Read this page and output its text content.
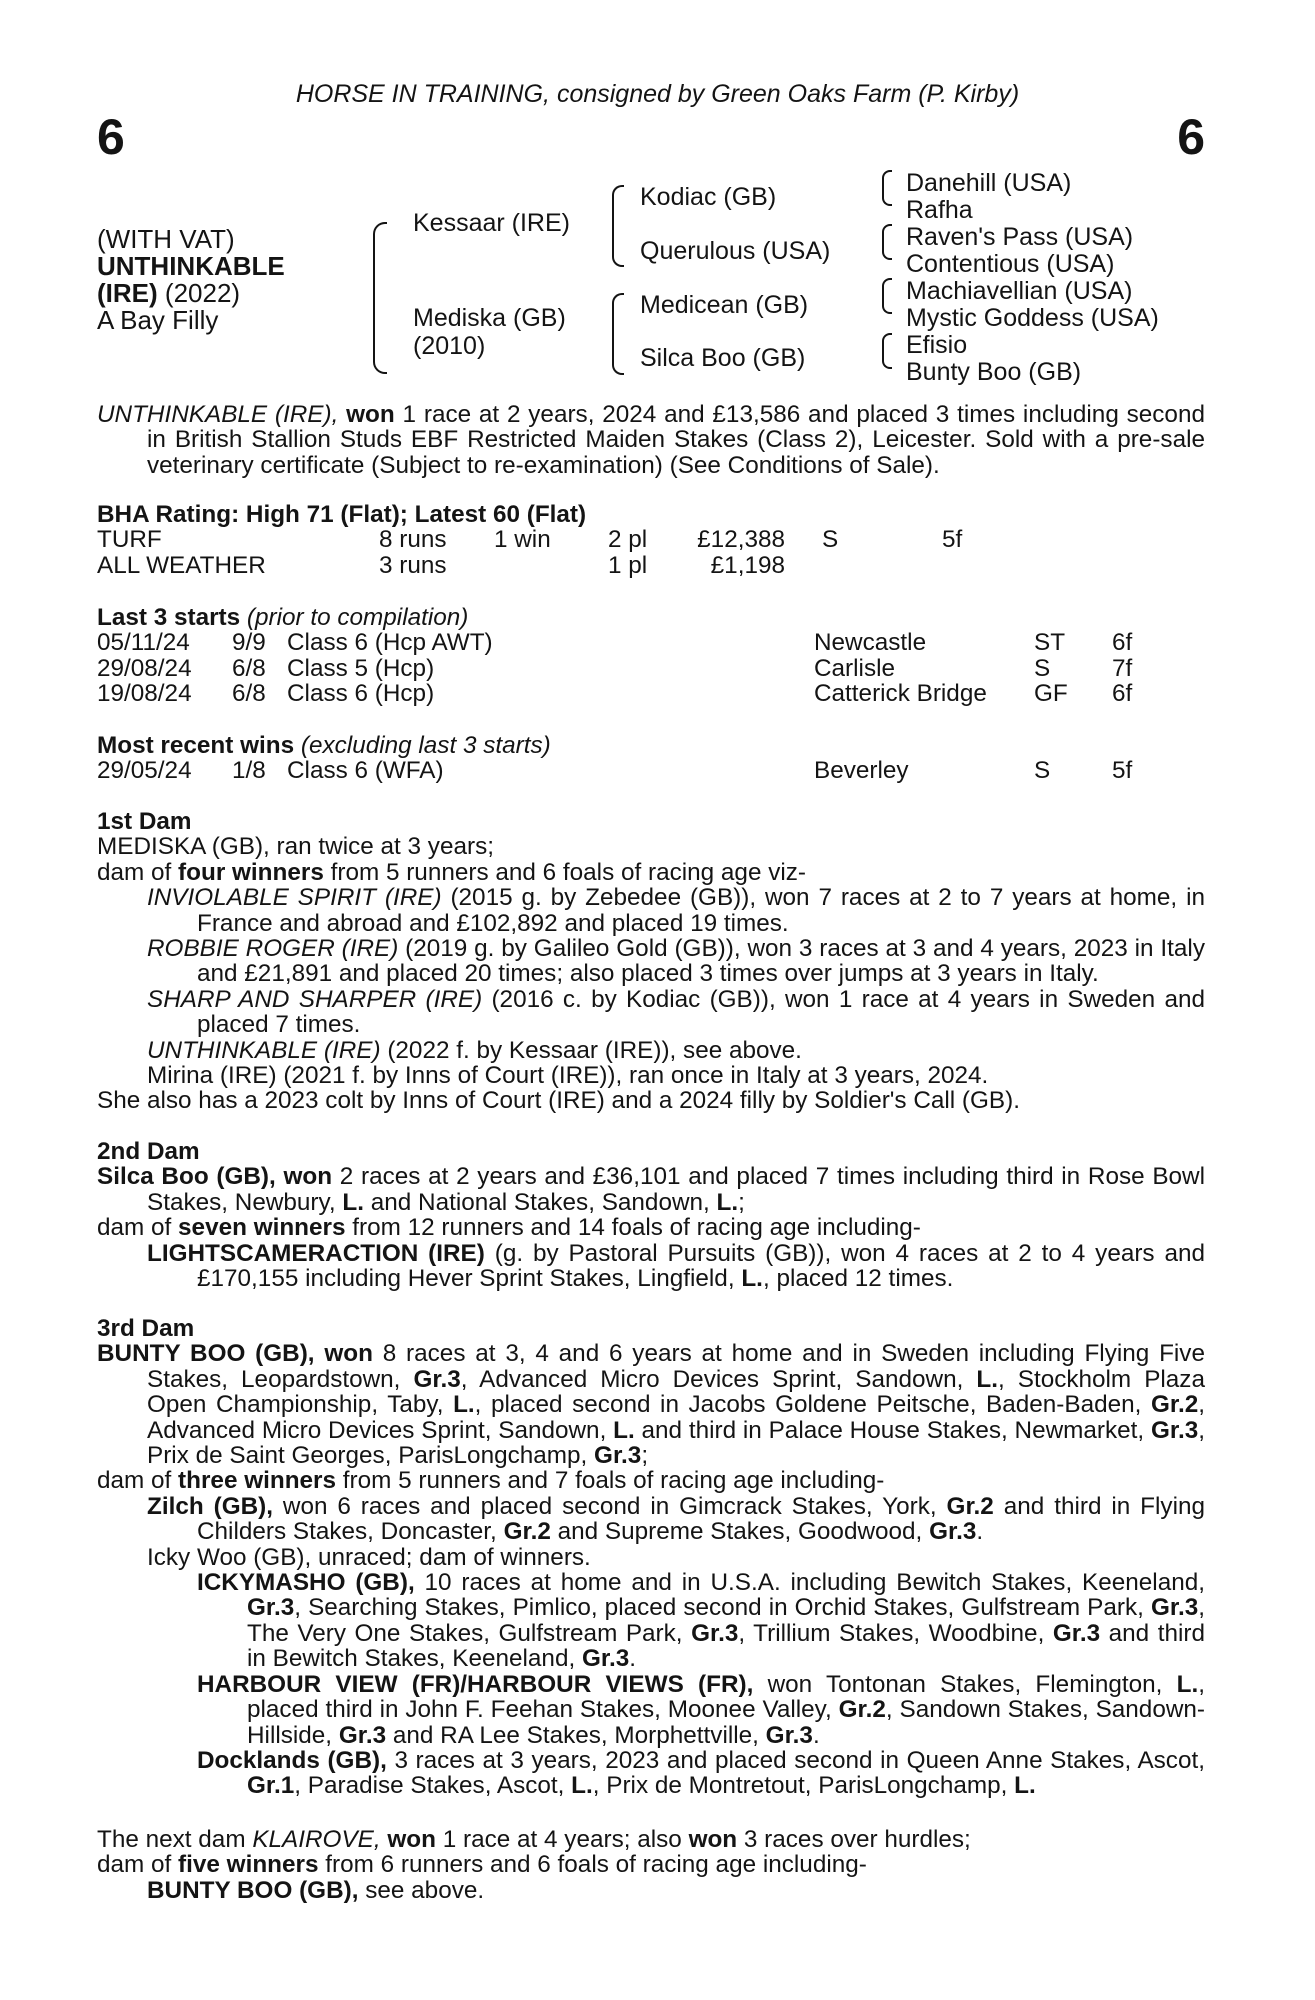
HORSE IN TRAINING, consigned by Green Oaks Farm (P. Kirby)
6	6
(WITH VAT)
UNTHINKABLE
(IRE) (2022)
A Bay Filly
Kessaar (IRE)
Mediska (GB)
(2010)
Kodiac (GB)
Querulous (USA)
Medicean (GB)
Silca Boo (GB)
Danehill (USA)
Rafha
Raven's Pass (USA)
Contentious (USA)
Machiavellian (USA)
Mystic Goddess (USA)
Efisio
Bunty Boo (GB)

UNTHINKABLE (IRE), won 1 race at 2 years, 2024 and £13,586 and placed 3 times including second in British Stallion Studs EBF Restricted Maiden Stakes (Class 2), Leicester. Sold with a pre-sale veterinary certificate (Subject to re-examination) (See Conditions of Sale).

BHA Rating: High 71 (Flat); Latest 60 (Flat)

TURF	8 runs	1 win	2 pl	£12,388	S	5f
ALL WEATHER	3 runs		1 pl	£1,198		

Last 3 starts (prior to compilation)

05/11/24	9/9	Class 6 (Hcp AWT)	Newcastle	ST	6f
29/08/24	6/8	Class 5 (Hcp)	Carlisle	S	7f
19/08/24	6/8	Class 6 (Hcp)	Catterick Bridge	GF	6f

Most recent wins (excluding last 3 starts)

29/05/24	1/8	Class 6 (WFA)	Beverley	S	5f

1st Dam

MEDISKA (GB), ran twice at 3 years;

dam of four winners from 5 runners and 6 foals of racing age viz-

INVIOLABLE SPIRIT (IRE) (2015 g. by Zebedee (GB)), won 7 races at 2 to 7 years at home, in France and abroad and £102,892 and placed 19 times.

ROBBIE ROGER (IRE) (2019 g. by Galileo Gold (GB)), won 3 races at 3 and 4 years, 2023 in Italy and £21,891 and placed 20 times; also placed 3 times over jumps at 3 years in Italy.

SHARP AND SHARPER (IRE) (2016 c. by Kodiac (GB)), won 1 race at 4 years in Sweden and placed 7 times.

UNTHINKABLE (IRE) (2022 f. by Kessaar (IRE)), see above.

Mirina (IRE) (2021 f. by Inns of Court (IRE)), ran once in Italy at 3 years, 2024.

She also has a 2023 colt by Inns of Court (IRE) and a 2024 filly by Soldier's Call (GB).

2nd Dam

Silca Boo (GB), won 2 races at 2 years and £36,101 and placed 7 times including third in Rose Bowl Stakes, Newbury, L. and National Stakes, Sandown, L.;

dam of seven winners from 12 runners and 14 foals of racing age including-

LIGHTSCAMERACTION (IRE) (g. by Pastoral Pursuits (GB)), won 4 races at 2 to 4 years and £170,155 including Hever Sprint Stakes, Lingfield, L., placed 12 times.

3rd Dam

BUNTY BOO (GB), won 8 races at 3, 4 and 6 years at home and in Sweden including Flying Five Stakes, Leopardstown, Gr.3, Advanced Micro Devices Sprint, Sandown, L., Stockholm Plaza Open Championship, Taby, L., placed second in Jacobs Goldene Peitsche, Baden-Baden, Gr.2, Advanced Micro Devices Sprint, Sandown, L. and third in Palace House Stakes, Newmarket, Gr.3, Prix de Saint Georges, ParisLongchamp, Gr.3;

dam of three winners from 5 runners and 7 foals of racing age including-

Zilch (GB), won 6 races and placed second in Gimcrack Stakes, York, Gr.2 and third in Flying Childers Stakes, Doncaster, Gr.2 and Supreme Stakes, Goodwood, Gr.3.

Icky Woo (GB), unraced; dam of winners.

ICKYMASHO (GB), 10 races at home and in U.S.A. including Bewitch Stakes, Keeneland, Gr.3, Searching Stakes, Pimlico, placed second in Orchid Stakes, Gulfstream Park, Gr.3, The Very One Stakes, Gulfstream Park, Gr.3, Trillium Stakes, Woodbine, Gr.3 and third in Bewitch Stakes, Keeneland, Gr.3.

HARBOUR VIEW (FR)/HARBOUR VIEWS (FR), won Tontonan Stakes, Flemington, L., placed third in John F. Feehan Stakes, Moonee Valley, Gr.2, Sandown Stakes, Sandown-Hillside, Gr.3 and RA Lee Stakes, Morphettville, Gr.3.

Docklands (GB), 3 races at 3 years, 2023 and placed second in Queen Anne Stakes, Ascot, Gr.1, Paradise Stakes, Ascot, L., Prix de Montretout, ParisLongchamp, L.

The next dam KLAIROVE, won 1 race at 4 years; also won 3 races over hurdles;

dam of five winners from 6 runners and 6 foals of racing age including-

BUNTY BOO (GB), see above.
